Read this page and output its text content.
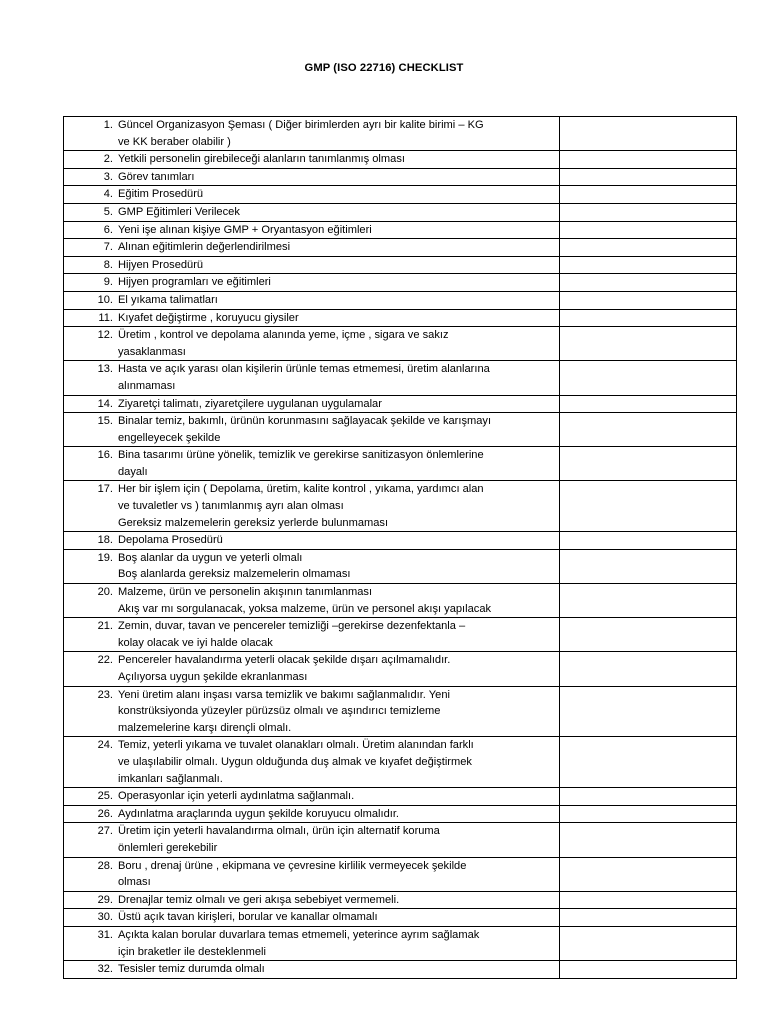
GMP (ISO 22716) CHECKLIST
1. Güncel Organizasyon Şeması ( Diğer birimlerden ayrı bir kalite birimi – KG
ve KK beraber olabilir )	

2. Yetkili personelin girebileceği alanların tanımlanmış olması	

3. Görev tanımları	

4. Eğitim Prosedürü	

5. GMP Eğitimleri Verilecek	

6. Yeni işe alınan kişiye GMP + Oryantasyon eğitimleri	

7. Alınan eğitimlerin değerlendirilmesi	

8. Hijyen Prosedürü	

9. Hijyen programları ve eğitimleri	

10. El yıkama talimatları	

11. Kıyafet değiştirme , koruyucu giysiler	

12. Üretim , kontrol ve depolama alanında yeme, içme , sigara ve sakız
yasaklanması	

13. Hasta ve açık yarası olan kişilerin ürünle temas etmemesi, üretim alanlarına
alınmaması	

14. Ziyaretçi talimatı, ziyaretçilere uygulanan uygulamalar	

15. Binalar temiz, bakımlı, ürünün korunmasını sağlayacak şekilde ve karışmayı
engelleyecek şekilde	

16. Bina tasarımı ürüne yönelik, temizlik ve gerekirse sanitizasyon önlemlerine
dayalı	

17. Her bir işlem için ( Depolama, üretim, kalite kontrol , yıkama, yardımcı alan
ve tuvaletler vs ) tanımlanmış ayrı alan olması
Gereksiz malzemelerin gereksiz yerlerde bulunmaması	

18. Depolama Prosedürü	

19. Boş alanlar da uygun ve yeterli olmalı
Boş alanlarda gereksiz malzemelerin olmaması	

20. Malzeme, ürün ve personelin akışının tanımlanması
Akış var mı sorgulanacak, yoksa malzeme, ürün ve personel akışı yapılacak	

21. Zemin, duvar, tavan ve pencereler temizliği –gerekirse dezenfektanla –
kolay olacak ve iyi halde olacak	

22. Pencereler havalandırma yeterli olacak şekilde dışarı açılmamalıdır.
Açılıyorsa uygun şekilde ekranlanması	

23. Yeni üretim alanı inşası varsa temizlik ve bakımı sağlanmalıdır. Yeni
konstrüksiyonda yüzeyler pürüzsüz olmalı ve aşındırıcı temizleme
malzemelerine karşı dirençli olmalı.	

24. Temiz, yeterli yıkama ve tuvalet olanakları olmalı. Üretim alanından farklı
ve ulaşılabilir olmalı. Uygun olduğunda duş almak ve kıyafet değiştirmek
imkanları sağlanmalı.	

25. Operasyonlar için yeterli aydınlatma sağlanmalı.	

26. Aydınlatma araçlarında uygun şekilde koruyucu olmalıdır.	

27. Üretim için yeterli havalandırma olmalı, ürün için alternatif koruma
önlemleri gerekebilir	

28. Boru , drenaj ürüne , ekipmana ve çevresine kirlilik vermeyecek şekilde
olması	

29. Drenajlar temiz olmalı ve geri akışa sebebiyet vermemeli.	

30. Üstü açık tavan kirişleri, borular ve kanallar olmamalı	

31. Açıkta kalan borular duvarlara temas etmemeli, yeterince ayrım sağlamak
için braketler ile desteklenmeli	

32. Tesisler temiz durumda olmalı	
